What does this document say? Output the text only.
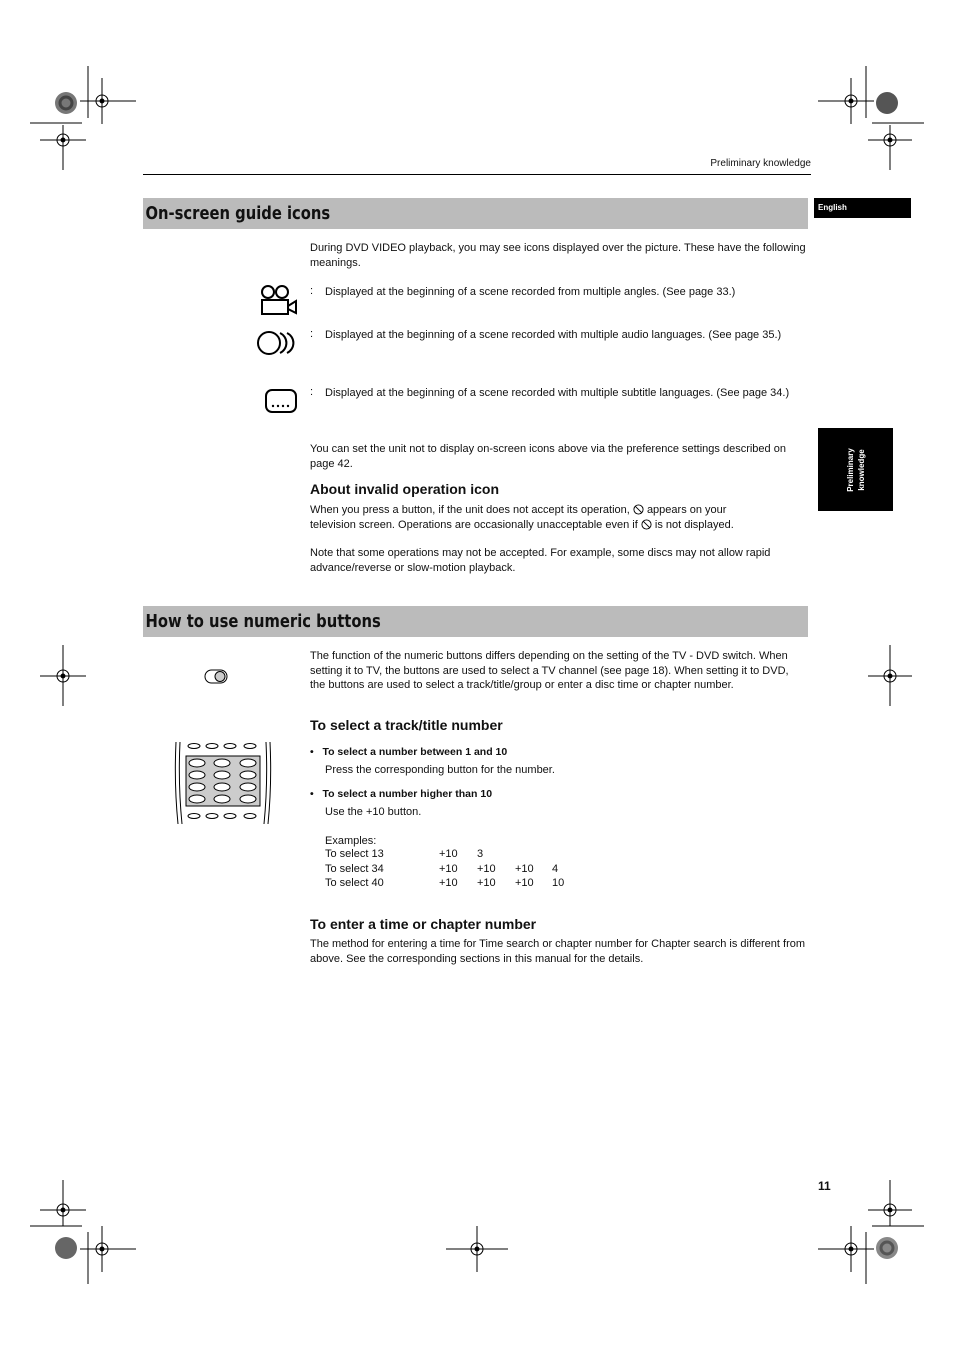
Preliminary knowledge
English
Preliminary knowledge
On-screen guide icons
During DVD VIDEO playback, you may see icons displayed over the picture. These have the following meanings.
: Displayed at the beginning of a scene recorded from multiple angles. (See page 33.)
: Displayed at the beginning of a scene recorded with multiple audio languages. (See page 35.)
: Displayed at the beginning of a scene recorded with multiple subtitle languages. (See page 34.)
You can set the unit not to display on-screen icons above via the preference settings described on page 42.
About invalid operation icon
When you press a button, if the unit does not accept its operation, appears on your
television screen. Operations are occasionally unacceptable even if is not displayed.
Note that some operations may not be accepted. For example, some discs may not allow rapid advance/reverse or slow-motion playback.
How to use numeric buttons
The function of the numeric buttons differs depending on the setting of the TV - DVD switch. When setting it to TV, the buttons are used to select a TV channel (see page 18). When setting it to DVD, the buttons are used to select a track/title/group or enter a disc time or chapter number.
To select a track/title number
•   To select a number between 1 and 10
Press the corresponding button for the number.
•   To select a number higher than 10
Use the +10 button.
Examples:
To select 13	+10 3
To select 34	+10 +10 +10 4
To select 40	+10 +10 +10 10
To enter a time or chapter number
The method for entering a time for Time search or chapter number for Chapter search is different from above. See the corresponding sections in this manual for the details.
11
